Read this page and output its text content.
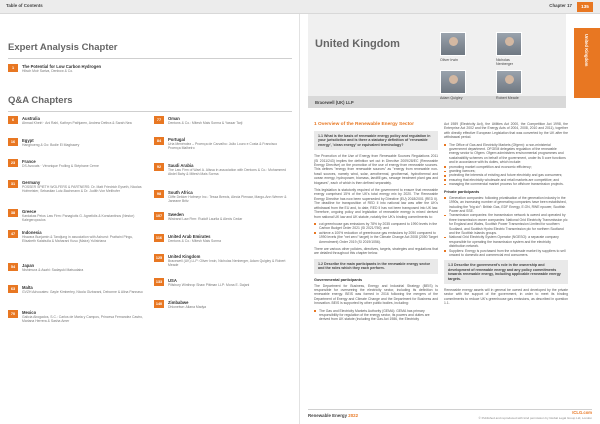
Table of Contents	Chapter 17	135
Expert Analysis Chapter
1	The Potential for Low Carbon Hydrogen
Hilsch Moir Sariva, Denbow & Co.
Q&A Chapters
6	Australia
Ahmad Kheiri · Ani Rahl, Kathryn Pathjaren, Andrew Dethra & Sarah Nea
16	Egypt
Hanghoeng & Oo: Bodie El Maghawry
23	France
DS Avocats · Véronique Frolling & Stéphane Cerne
31	Germany
POSSER SPIETH WOLFERS & PARTNERS: Dr. Matt Friedrich Eyseth, Nicolas Hofmeister, Sebastian Lutz-Bachmann & Dr. Judith Von Meilhofer
38	Greece
Kardakas Peios Law Firm: Panagiotis G. Agnelidis & Konstantinos (Nestor) Kalegeropoulos
47	Indonesia
Hiswara Bunjamin & Tandjung in association with Ashurst: Pratiwini Pingu, Elisabeth Kalabulla & Maharani Kusu (Maira) Yulistriana
54	Japan
Nishimura & Asahi: Sadayuki Matsudaira
63	Malta
GVZH Advocates: Gayle Kimberley, Nicola Gizbarani, Debonne & Alina Pannaso
70	Mexico
Galicia Abogados, S.C.: Carlos de Maria y Campos, Princesa Fernandez Castro, Mariana Herrera & Sasha Amer
77	Oman
Dentons & Co.: Mitesh Mais Sorma & Yassar Tarji
84	Portugal
Uría Menéndez – Proença de Carvalho: João Louro e Costa & Francisco Proença Malheiro
92	Saudi Arabia
The Law Firm of Wael A. Alissa in association with Dentons & Co.: Mohammed Abdel Bahy & Mitesh Mais Sorma
98	South Africa
Cliffe Dekker Hofmeyr Inc.: Tessa Brewis, Alecia Pienaar, Margo-Ann Werner & Janeane Britz
107	Sweden
Wistrand Law Firm: Rudolf Laurila & Alexis Cedar
116	United Arab Emirates
Dentons & Co.: Mitesh Mais Sorma
125	United Kingdom
Bracewell (UK) LLP: Oliver Irwin, Nicholas Nenberger, Adam Quigley & Robert Meade
133	USA
Pillsbury Winthrop Shaw Pittman LLP: Mona E. Dajani
140	Zimbabwe
Dhlonelwe: Allana Madya
United Kingdom
Bracewell (UK) LLP
Oliver Irwin	Nicholas Nenberger
Adam Quigley	Robert Meade
United Kingdom
1 Overview of the Renewable Energy Sector
1.1 What is the basis of renewable energy policy and regulation in your jurisdiction and is there a statutory definition of 'renewable energy', 'clean energy' or equivalent terminology?

The Promotion of the Use of Energy from Renewable Sources Regulations 2011 (SI 2011/243) implies the definition set out in Directive 2009/28/EC (Renewable Energy Directive) on the promotion of the use of energy from renewable sources. This defines "energy from renewable sources" as "energy from renewable non-fossil sources, namely wind, solar, aerothermal, geothermal, hydrothermal and ocean energy, hydropower, biomass, landfill gas, sewage treatment plant gas and biogases", each of which is then defined separately.

This legislation is statutorily required of the government to ensure that renewable energy comprised 15% of the UK's total energy mix by 2020. The Renewable Energy Directive has now been superseded by Directive (EU) 2018/2001 (RED II). The deadline for transposition of RED II into national law was after the UK's withdrawal from the EU and, to date, RED II has not been transposed into UK law. Therefore, ongoing policy and legislation of renewable energy is mixed derived from national UK law and UK statute, notably the UK's binding commitments to:

cut greenhouse gas emissions by 78% by 2035 compared to 1990 levels in the Carbon Budget Order 2021 (SI 2021/750); and
achieve a 100% reduction of greenhouse gas emissions by 2050 compared to 1990 levels (the "net zero" target) in the Climate Change Act 2008 (2050 Target Amendment) Order 2019 (SI 2019/1056).

There are various other policies, directives, targets, strategies and regulations that are detailed throughout this chapter below.

1.2 Describe the main participants in the renewable energy sector and the roles which they each perform.
Governmental participants

The Department for Business, Energy and Industrial Strategy (BEIS) is responsible for overseeing the electricity sector, including its definition to renewable energy. BEIS was formed in 2016 following the mergers of the Department of Energy and Climate Change and the Department for Business and Innovation. BEIS is supported by other public bodies, including:

The Gas and Electricity Markets Authority (GEMA): GEMA has primary responsibility for regulation of the energy sector, its powers and duties are derived from UK statute (including the Gas Act 1986, the Electricity

Act 1989 (Electricity Act), the Utilities Act 2000, the Competition Act 1998, the Enterprise Act 2002 and the Energy Acts of 2004, 2008, 2010 and 2011), together with directly effective European Legislation that was converted by the UK after the withdrawal period.

The Office of Gas and Electricity Markets (Ofgem): a non-ministerial government department. OFGEM delegates regulation of the renewable energy sector to Ofgem. Ofgem administers environmental programmes and sustainability schemes on behalf of the government, under its 5 core functions and in accordance with its duties, which include:
promoting market competition and economic efficiency;
granting licences;
protecting the interests of existing and future electricity and gas consumers;
ensuring that electricity wholesale and retail markets are competitive; and
managing the commercial market process for offshore transmission projects.
Private participants
Generation companies: following privatisation of the generation industry in the 1990s, an increasing number of generating companies have been established, including the "big six": British Gas, EDF Energy, E.ON, RWE npower, Scottish Power and SSE.
Transmission companies: the transmission network is owned and operated by three transmission owner companies: National Grid Electricity Transmission plc for England and Wales, Scottish Power Transmission Limited for southern Scotland, and Scottish Hydro Electric Transmission plc for northern Scotland and the Scottish islands groups.
National Grid Electricity System Operator (NGESO): a separate company responsible for operating the transmission system and the electricity distribution network.
Suppliers: Energy is purchased from the wholesale market by suppliers to sell onward to domestic and commercial end consumers.
1.3 Describe the government's role in the ownership and development of renewable energy and any policy commitments towards renewable energy, including applicable renewable energy targets.

Renewable energy assets will in general be owned and developed by the private sector with the support of the government, in order to meet its binding commitments to reduce UK's greenhouse gas emissions, as described in question 1.1.

Renewable Energy 2022
ICLG.com
© Published and reproduced with kind permission by Global Legal Group Ltd, London
